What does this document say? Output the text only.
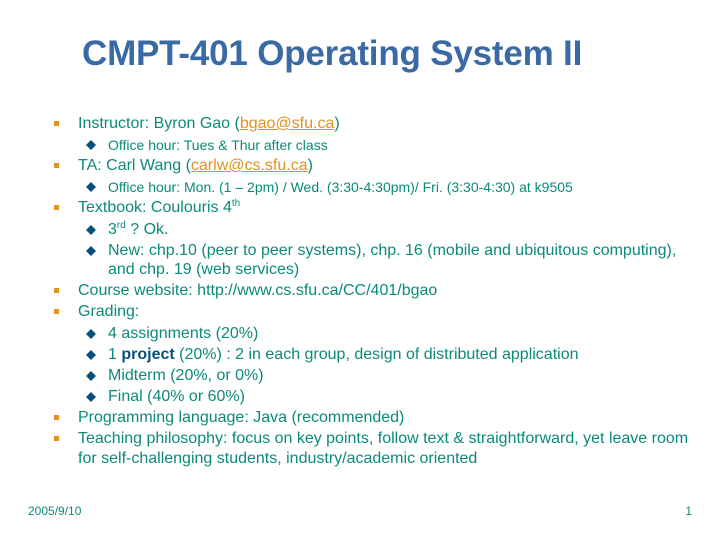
CMPT-401 Operating System II
Instructor: Byron Gao (bgao@sfu.ca)
Office hour: Tues & Thur after class
TA: Carl Wang (carlw@cs.sfu.ca)
Office hour: Mon. (1 – 2pm) / Wed. (3:30-4:30pm)/ Fri. (3:30-4:30) at k9505
Textbook: Coulouris 4th
3rd ? Ok.
New: chp.10 (peer to peer systems), chp. 16 (mobile and ubiquitous computing), and chp. 19 (web services)
Course website: http://www.cs.sfu.ca/CC/401/bgao
Grading:
4 assignments (20%)
1 project (20%) : 2 in each group, design of distributed application
Midterm (20%, or 0%)
Final (40% or 60%)
Programming language: Java (recommended)
Teaching philosophy: focus on key points, follow text & straightforward, yet leave room for self-challenging students, industry/academic oriented
2005/9/10	1
